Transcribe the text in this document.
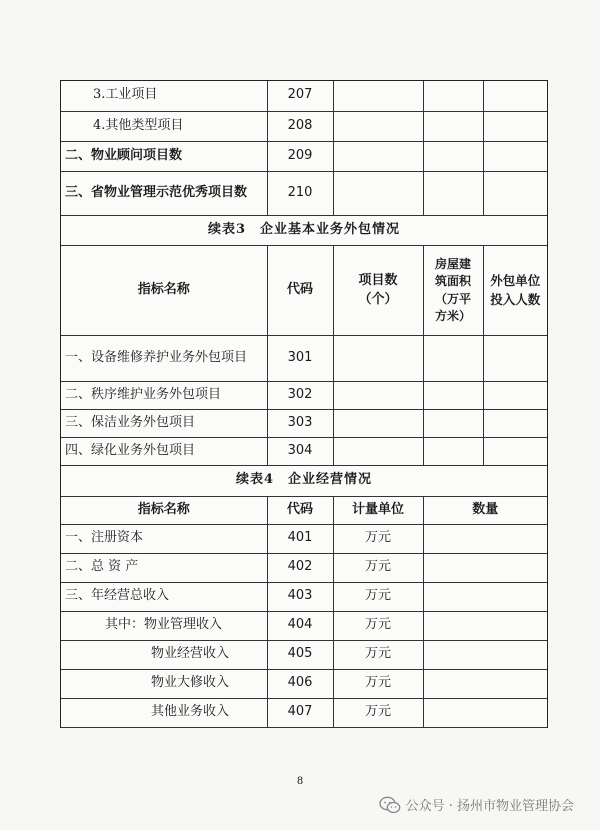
3.工业项目	207			
4.其他类型项目	208			
二、物业顾问项目数	209			
三、省物业管理示范优秀项目数	210			
续表3　企业基本业务外包情况				
指标名称	代码	项目数（个）	房屋建筑面积（万平方米）	外包单位投入人数
一、设备维修养护业务外包项目	301			
二、秩序维护业务外包项目	302			
三、保洁业务外包项目	303			
四、绿化业务外包项目	304			
续表4　企业经营情况			
指标名称	代码	计量单位	数量
一、注册资本	401	万元	
二、总 资 产	402	万元	
三、年经营总收入	403	万元	
其中：物业管理收入	404	万元	
物业经营收入	405	万元	
物业大修收入	406	万元	
其他业务收入	407	万元	
8
公众号 · 扬州市物业管理协会
